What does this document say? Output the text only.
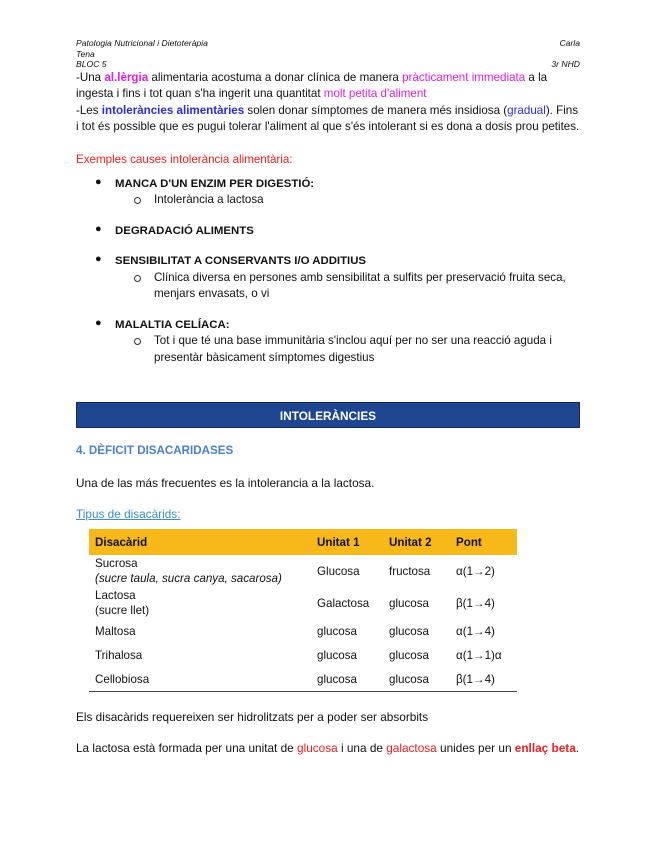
Patologia Nutricional i Dietoteràpia	Carla
Tena
BLOC 5	3r NHD

-Una al.lèrgia alimentaria acostuma a donar clínica de manera pràcticament immediata a la ingesta i fins i tot quan s'ha ingerit una quantitat molt petita d'aliment

-Les intoleràncies alimentàries solen donar símptomes de manera més insidiosa (gradual). Fins i tot és possible que es pugui tolerar l'aliment al que s'és intolerant si es dona a dosis prou petites.

Exemples causes intolerància alimentària:
● MANCA D'UN ENZIM PER DIGESTIÓ:
Intolerància a lactosa
● DEGRADACIÓ ALIMENTS
● SENSIBILITAT A CONSERVANTS I/O ADDITIUS
Clínica diversa en persones amb sensibilitat a sulfits per preservació fruita seca, menjars envasats, o vi
● MALALTIA CELÍACA:
Tot i que té una base immunitària s'inclou aquí per no ser una reacció aguda i presentàr bàsicament símptomes digestius
INTOLERÀNCIES
4. DÈFICIT DISACARIDASES
Una de las más frecuentes es la intolerancia a la lactosa.
Tipus de disacàrids:
Disacàrid	Unitat 1	Unitat 2	Pont

Sucrosa
(sucre taula, sucra canya, sacarosa)	Glucosa	fructosa	α(1→2)

Lactosa
(sucre llet)	Galactosa	glucosa	β(1→4)
Maltosa	glucosa	glucosa	α(1→4)
Trihalosa	glucosa	glucosa	α(1→1)α
Cellobiosa	glucosa	glucosa	β(1→4)
Els disacàrids requereixen ser hidrolitzats per a poder ser absorbits
La lactosa està formada per una unitat de glucosa i una de galactosa unides per un enllaç beta.
